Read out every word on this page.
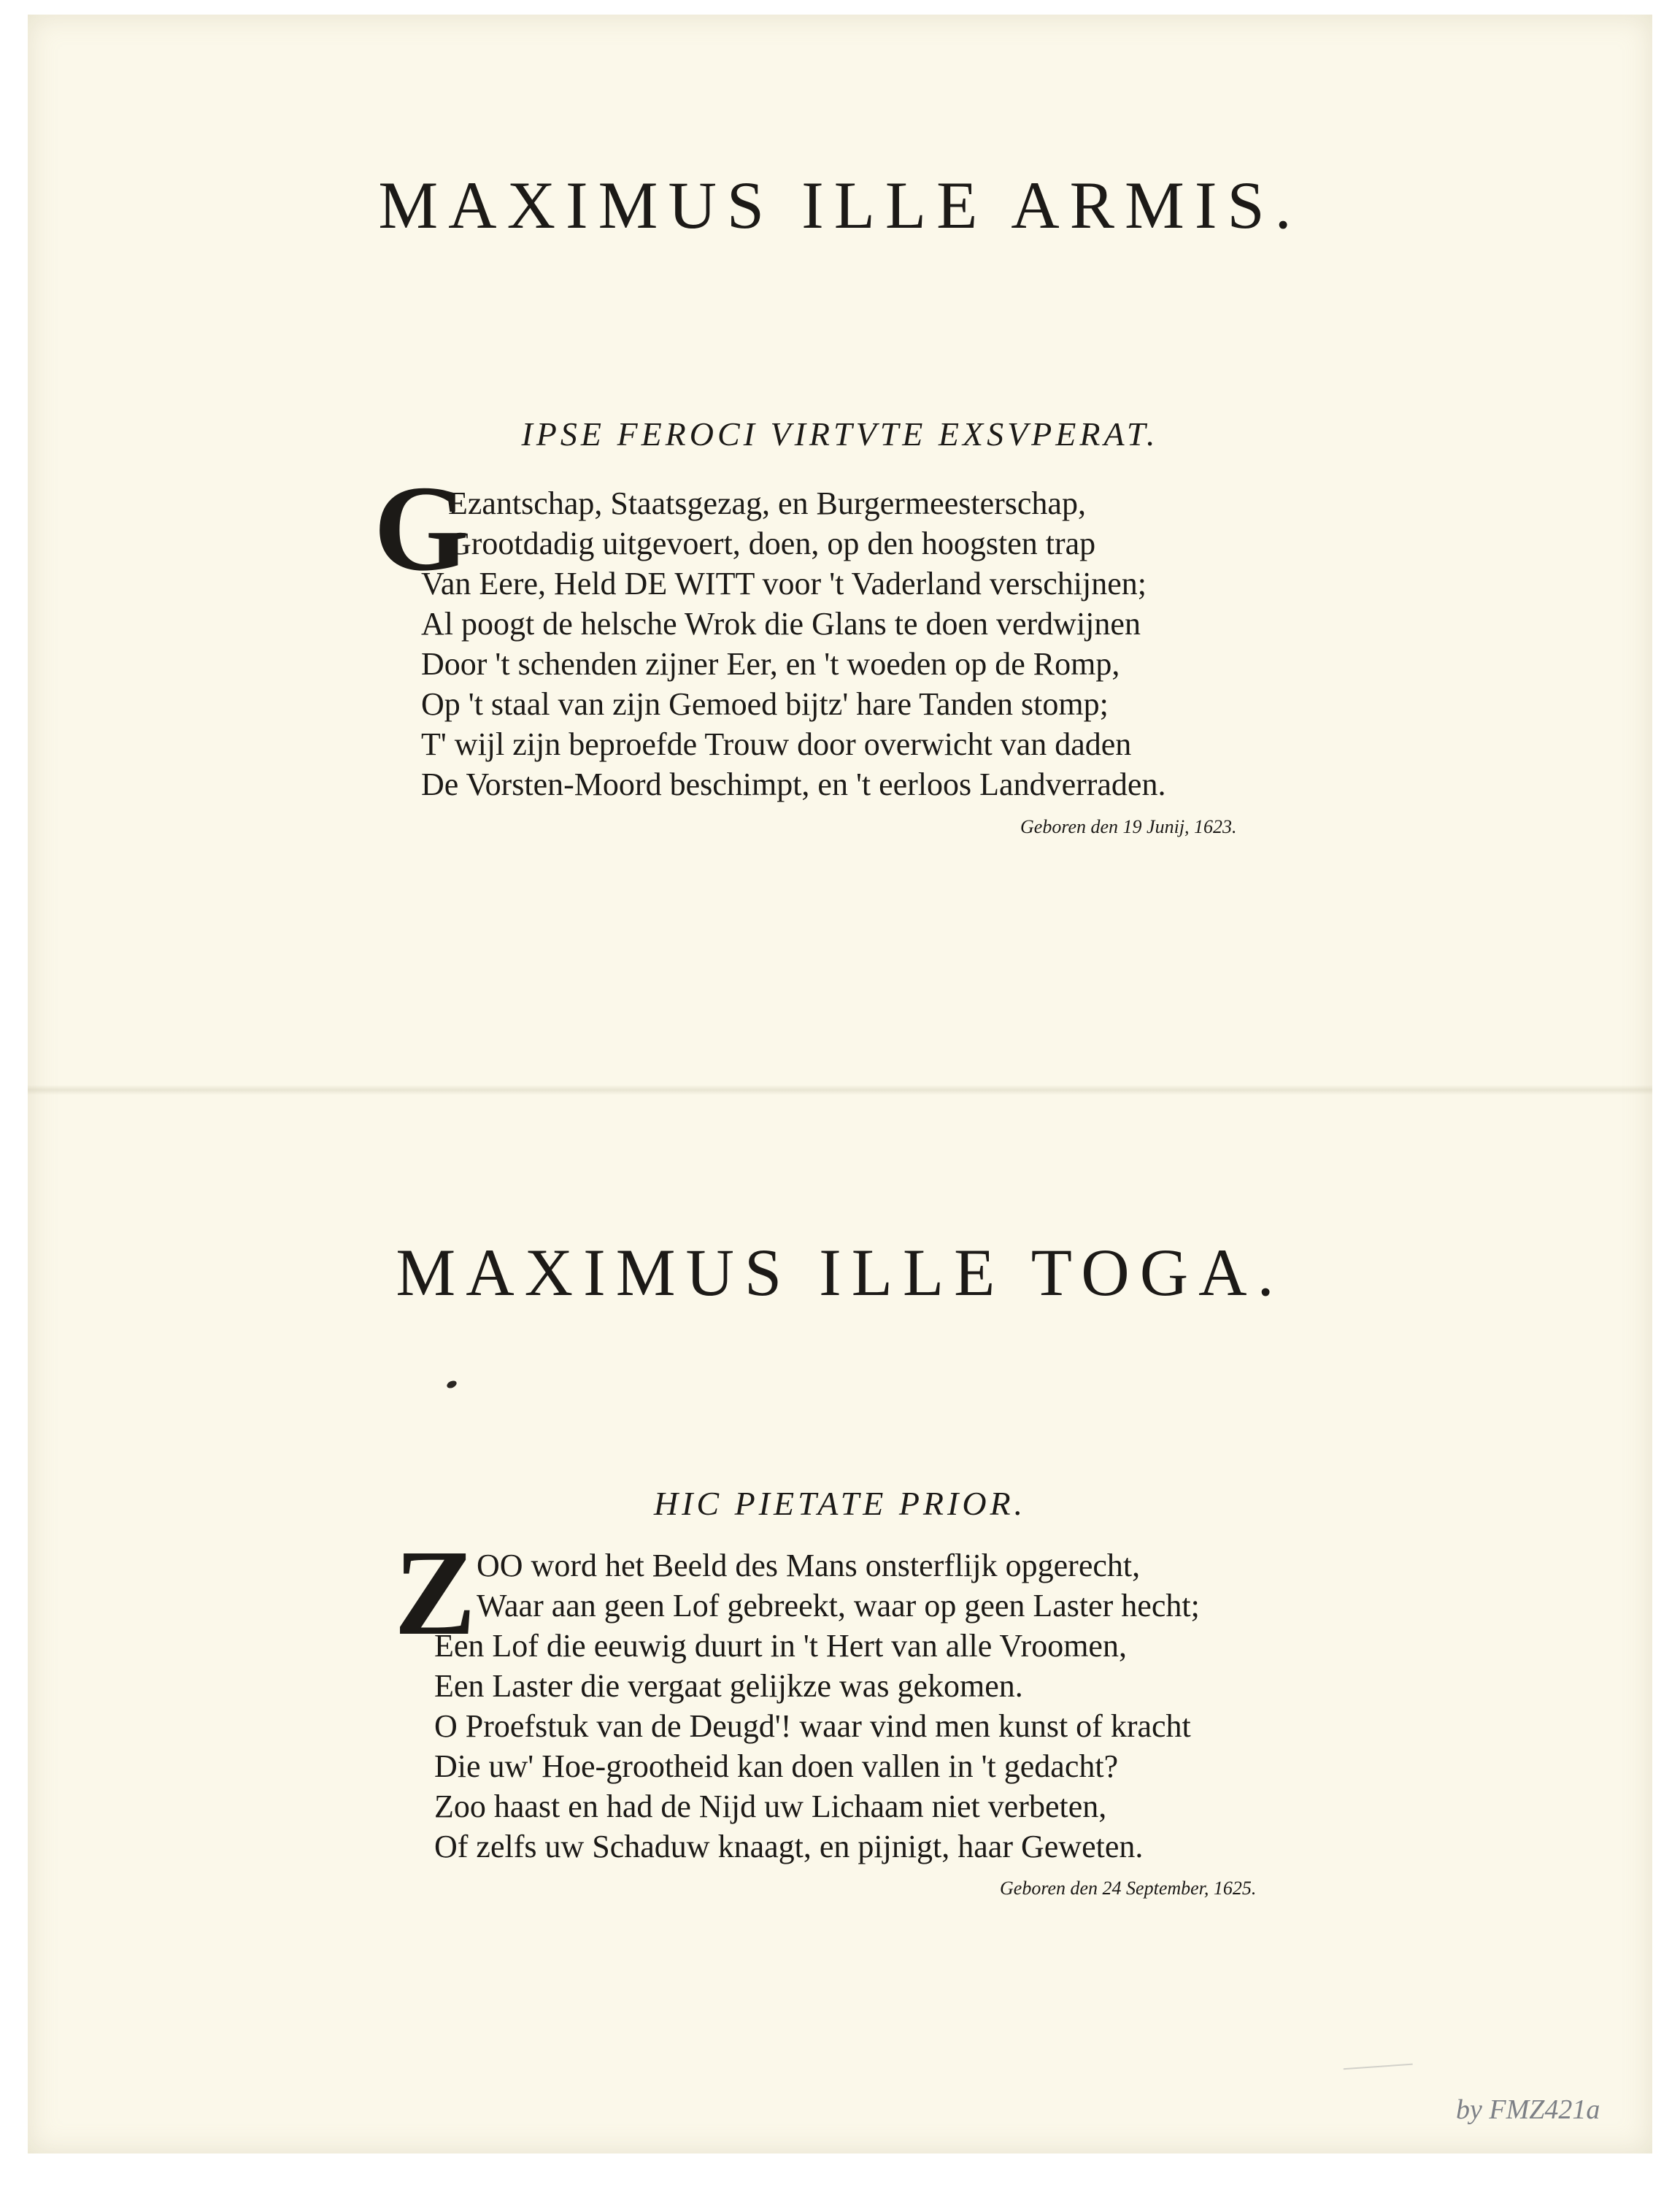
MAXIMUS ILLE ARMIS.

IPSE FEROCI VIRTVTE EXSVPERAT.

G
Ezantschap, Staatsgezag, en Burgermeesterschap,
Grootdadig uitgevoert, doen, op den hoogsten trap
Van Eere, Held DE WITT voor 't Vaderland verschijnen;
Al poogt de helsche Wrok die Glans te doen verdwijnen
Door 't schenden zijner Eer, en 't woeden op de Romp,
Op 't staal van zijn Gemoed bijtz' hare Tanden stomp;
T' wijl zijn beproefde Trouw door overwicht van daden
De Vorsten-Moord beschimpt, en 't eerloos Landverraden.
Geboren den 19 Junij, 1623.
MAXIMUS ILLE TOGA.

HIC PIETATE PRIOR.

Z OO word het Beeld des Mans onsterflijk opgerecht,
Waar aan geen Lof gebreekt, waar op geen Laster hecht;
Een Lof die eeuwig duurt in 't Hert van alle Vroomen,
Een Laster die vergaat gelijkze was gekomen.
O Proefstuk van de Deugd'! waar vind men kunst of kracht
Die uw' Hoe-grootheid kan doen vallen in 't gedacht?
Zoo haast en had de Nijd uw Lichaam niet verbeten,
Of zelfs uw Schaduw knaagt, en pijnigt, haar Geweten.
Geboren den 24 September, 1625.
by FMZ421a
